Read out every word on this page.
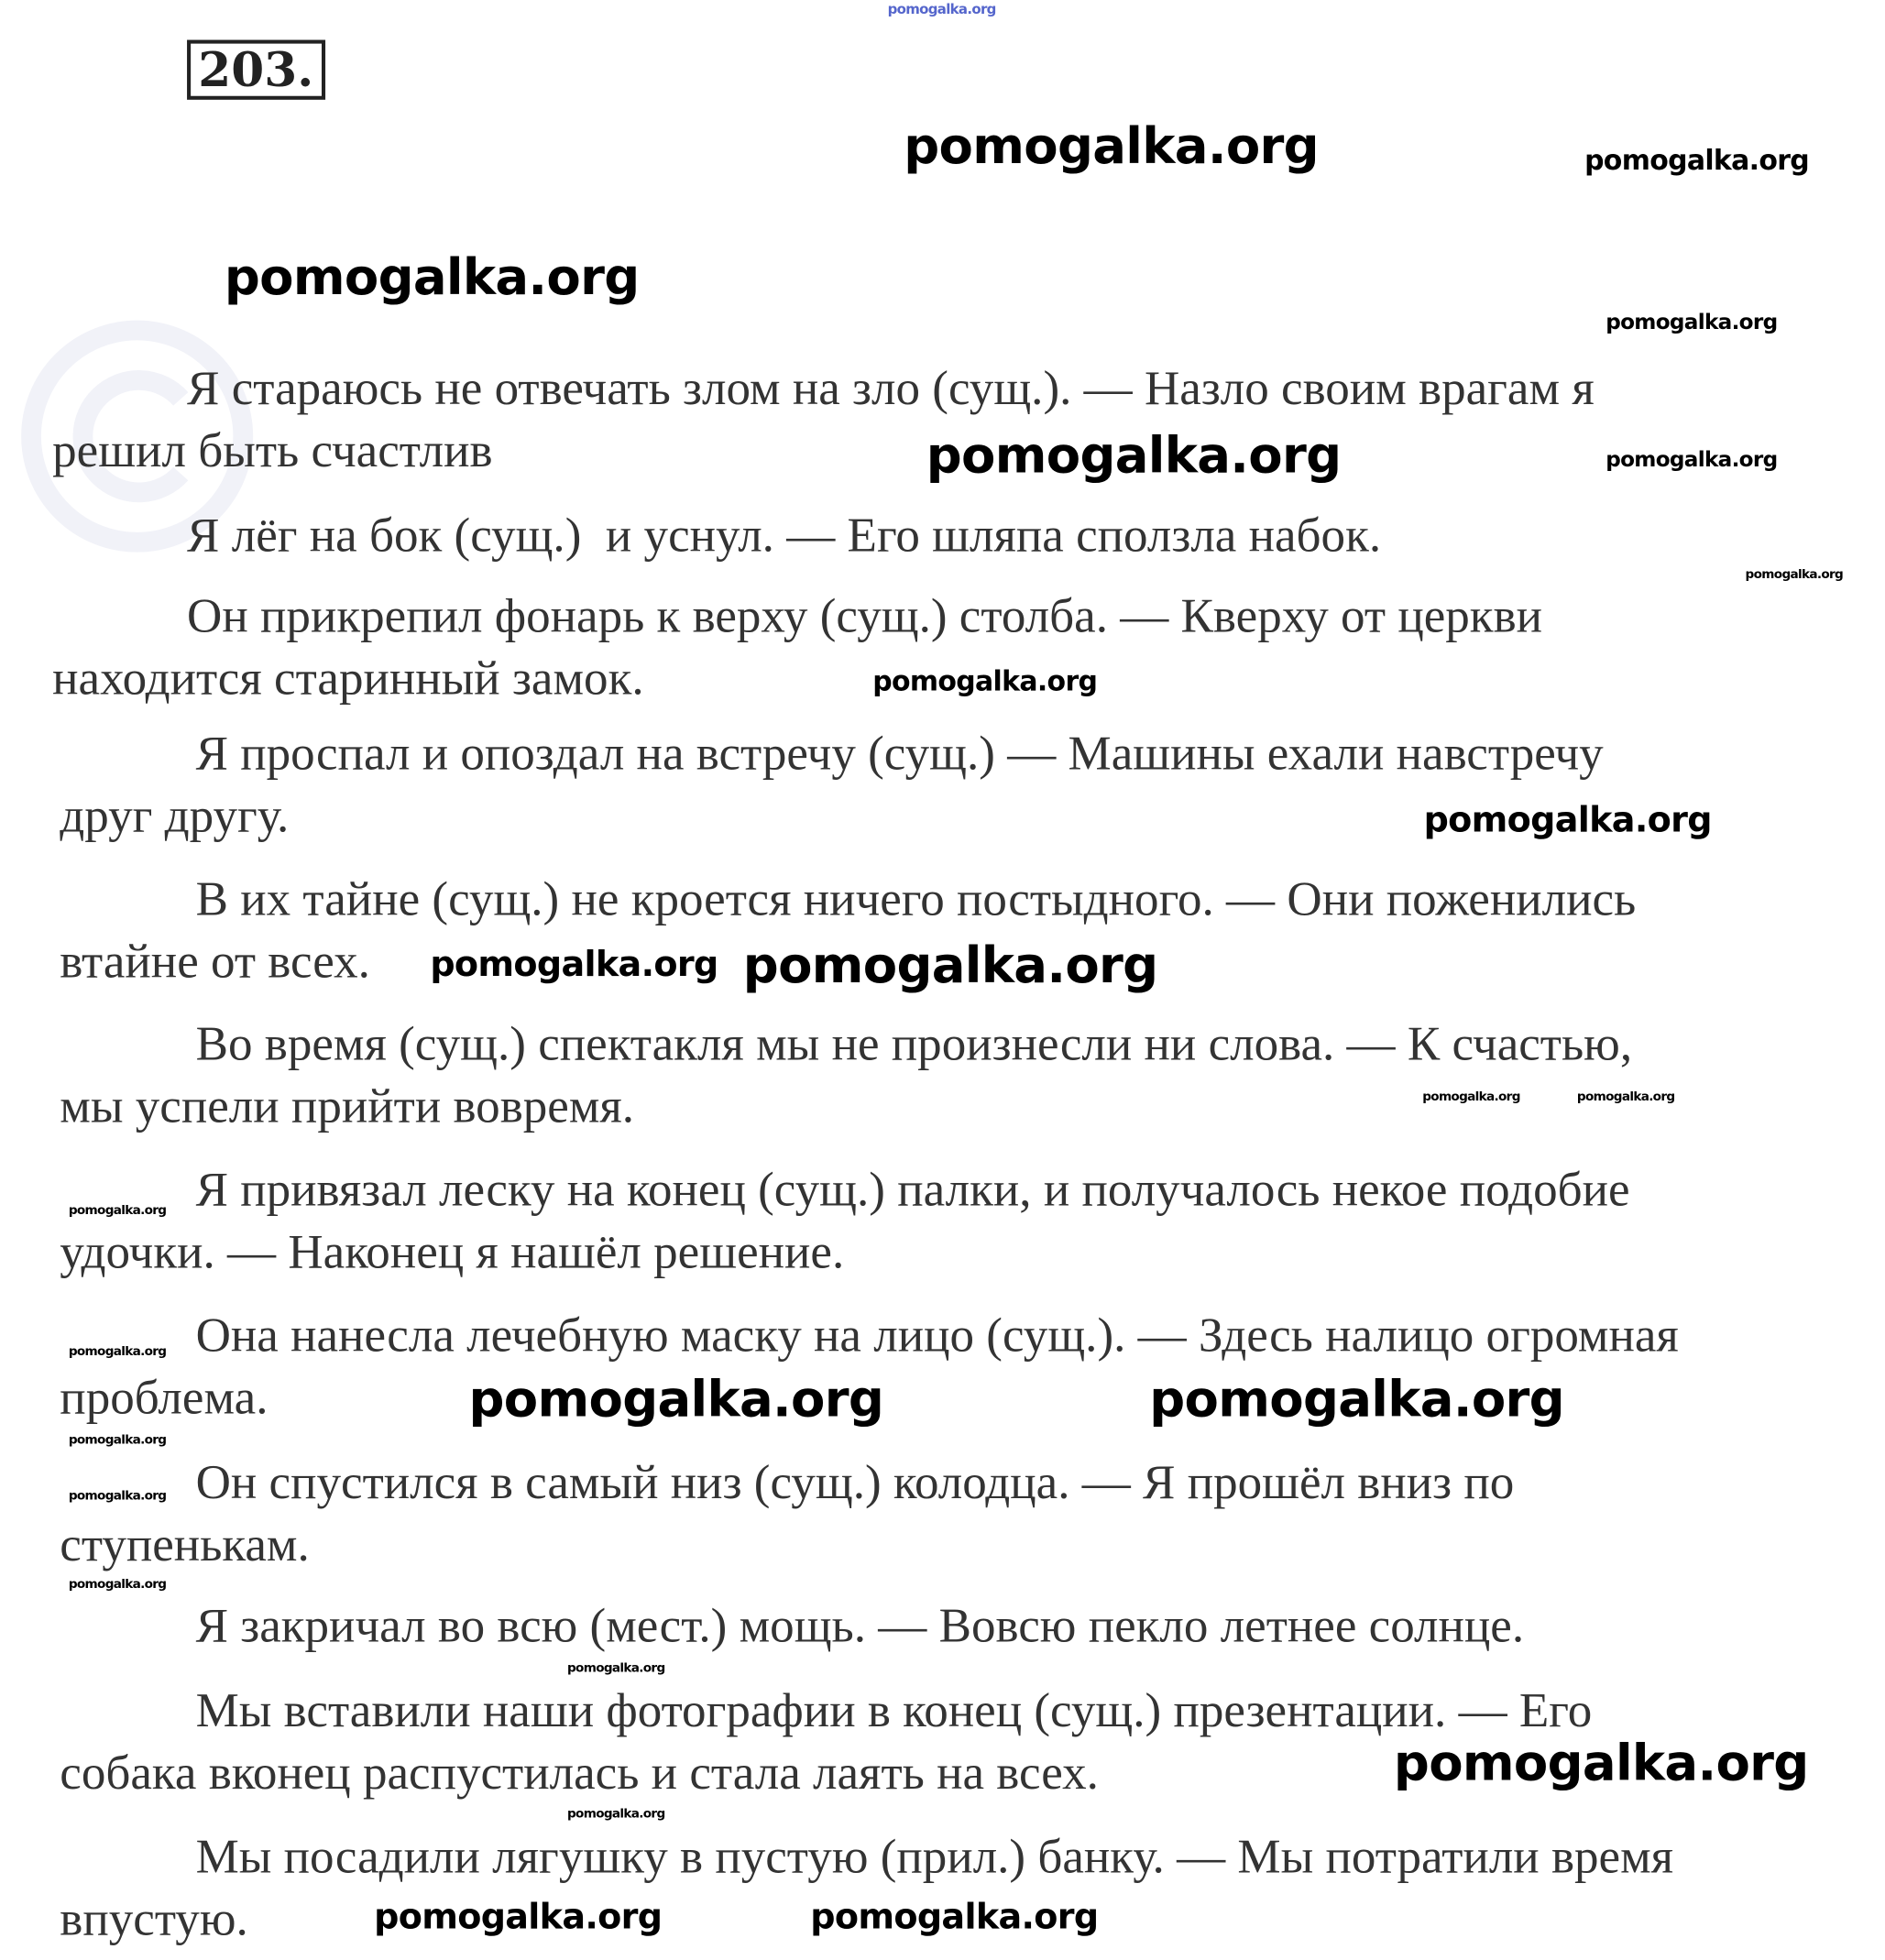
pomogalka.org
203.
Я стараюсь не отвечать злом на зло (сущ.). — Назло своим врагам я
решил быть счастлив
Я лёг на бок (сущ.)  и уснул. — Его шляпа сползла набок.
Он прикрепил фонарь к верху (сущ.) столба. — Кверху от церкви
находится старинный замок.
Я проспал и опоздал на встречу (сущ.) — Машины ехали навстречу
друг другу.
В их тайне (сущ.) не кроется ничего постыдного. — Они поженились
втайне от всех.
Во время (сущ.) спектакля мы не произнесли ни слова. — К счастью,
мы успели прийти вовремя.
Я привязал леску на конец (сущ.) палки, и получалось некое подобие
удочки. — Наконец я нашёл решение.
Она нанесла лечебную маску на лицо (сущ.). — Здесь налицо огромная
проблема.
Он спустился в самый низ (сущ.) колодца. — Я прошёл вниз по
ступенькам.
Я закричал во всю (мест.) мощь. — Вовсю пекло летнее солнце.
Мы вставили наши фотографии в конец (сущ.) презентации. — Его
собака вконец распустилась и стала лаять на всех.
Мы посадили лягушку в пустую (прил.) банку. — Мы потратили время
впустую.
pomogalka.org	pomogalka.org
pomogalka.org
pomogalka.org
pomogalka.org
pomogalka.org
pomogalka.org
pomogalka.org
pomogalka.org
pomogalka.org
pomogalka.org
pomogalka.org	pomogalka.org
pomogalka.org
pomogalka.org
pomogalka.org	pomogalka.org
pomogalka.org
pomogalka.org
pomogalka.org
pomogalka.org
pomogalka.org
pomogalka.org
pomogalka.org
pomogalka.org
